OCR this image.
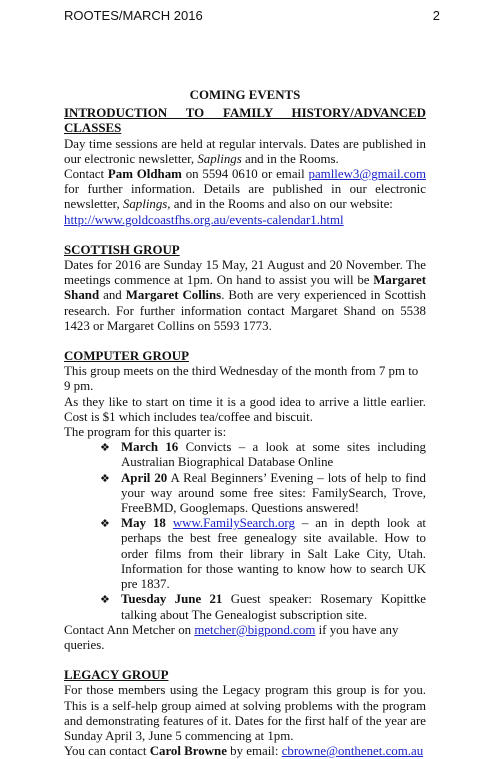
ROOTES/MARCH 2016	2
COMING EVENTS
INTRODUCTION TO FAMILY HISTORY/ADVANCED CLASSES

Day time sessions are held at regular intervals. Dates are published in our electronic newsletter, Saplings and in the Rooms.

Contact Pam Oldham on 5594 0610 or email pamllew3@gmail.com for further information. Details are published in our electronic newsletter, Saplings, and in the Rooms and also on our website:

http://www.goldcoastfhs.org.au/events-calendar1.html

SCOTTISH GROUP

Dates for 2016 are Sunday 15 May, 21 August and 20 November. The meetings commence at 1pm. On hand to assist you will be Margaret Shand and Margaret Collins. Both are very experienced in Scottish research. For further information contact Margaret Shand on 5538 1423 or Margaret Collins on 5593 1773.

COMPUTER GROUP

This group meets on the third Wednesday of the month from 7 pm to 9 pm.

As they like to start on time it is a good idea to arrive a little earlier. Cost is $1 which includes tea/coffee and biscuit.

The program for this quarter is:

❖ March 16 Convicts – a look at some sites including Australian Biographical Database Online
❖ April 20 A Real Beginners’ Evening – lots of help to find your way around some free sites: FamilySearch, Trove, FreeBMD, Googlemaps. Questions answered!
❖ May 18 www.FamilySearch.org – an in depth look at perhaps the best free genealogy site available. How to order films from their library in Salt Lake City, Utah. Information for those wanting to know how to search UK pre 1837.
❖ Tuesday June 21 Guest speaker: Rosemary Kopittke talking about The Genealogist subscription site.

Contact Ann Metcher on metcher@bigpond.com if you have any queries.

LEGACY GROUP

For those members using the Legacy program this group is for you. This is a self-help group aimed at solving problems with the program and demonstrating features of it. Dates for the first half of the year are Sunday April 3, June 5 commencing at 1pm.

You can contact Carol Browne by email: cbrowne@onthenet.com.au
